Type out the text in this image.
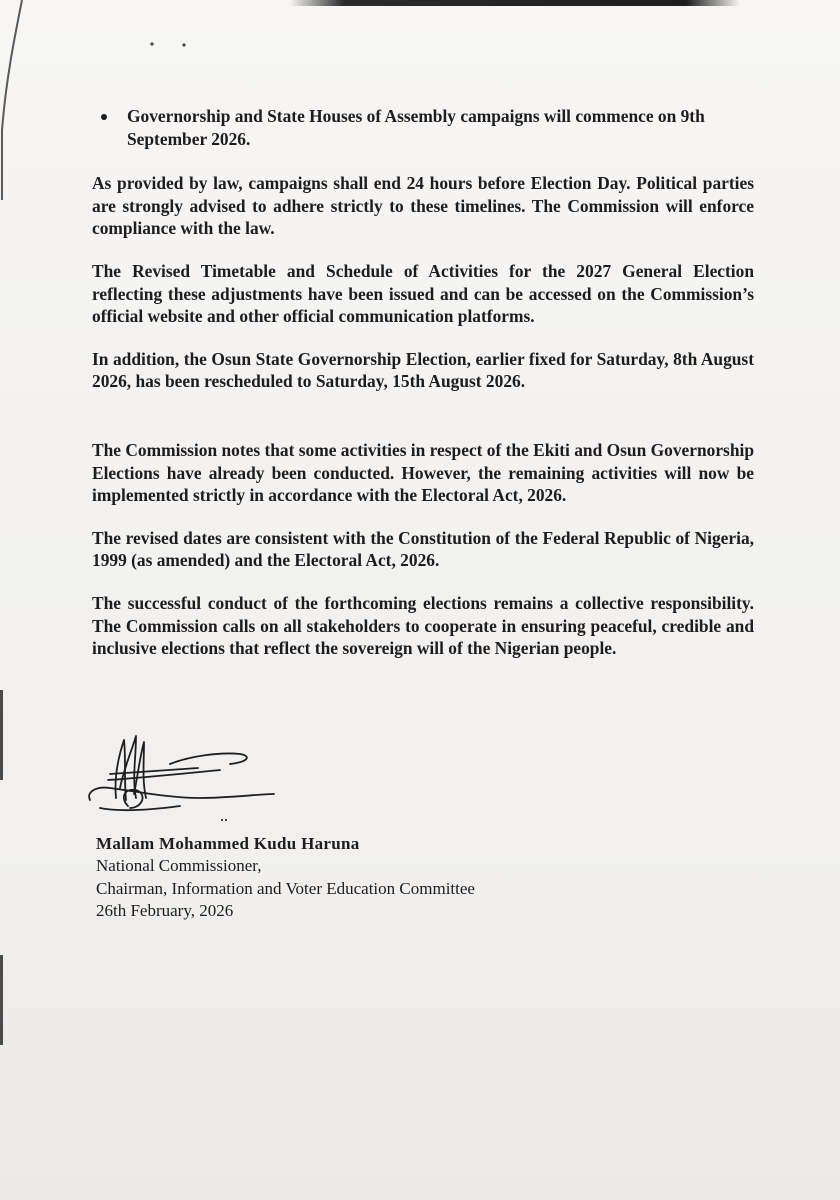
Governorship and State Houses of Assembly campaigns will commence on 9th September 2026.

As provided by law, campaigns shall end 24 hours before Election Day. Political parties are strongly advised to adhere strictly to these timelines. The Commission will enforce compliance with the law.

The Revised Timetable and Schedule of Activities for the 2027 General Election reflecting these adjustments have been issued and can be accessed on the Commission’s official website and other official communication platforms.

In addition, the Osun State Governorship Election, earlier fixed for Saturday, 8th August 2026, has been rescheduled to Saturday, 15th August 2026.

The Commission notes that some activities in respect of the Ekiti and Osun Governorship Elections have already been conducted. However, the remaining activities will now be implemented strictly in accordance with the Electoral Act, 2026.

The revised dates are consistent with the Constitution of the Federal Republic of Nigeria, 1999 (as amended) and the Electoral Act, 2026.

The successful conduct of the forthcoming elections remains a collective responsibility. The Commission calls on all stakeholders to cooperate in ensuring peaceful, credible and inclusive elections that reflect the sovereign will of the Nigerian people.

Mallam Mohammed Kudu Haruna
National Commissioner,
Chairman, Information and Voter Education Committee
26th February, 2026
